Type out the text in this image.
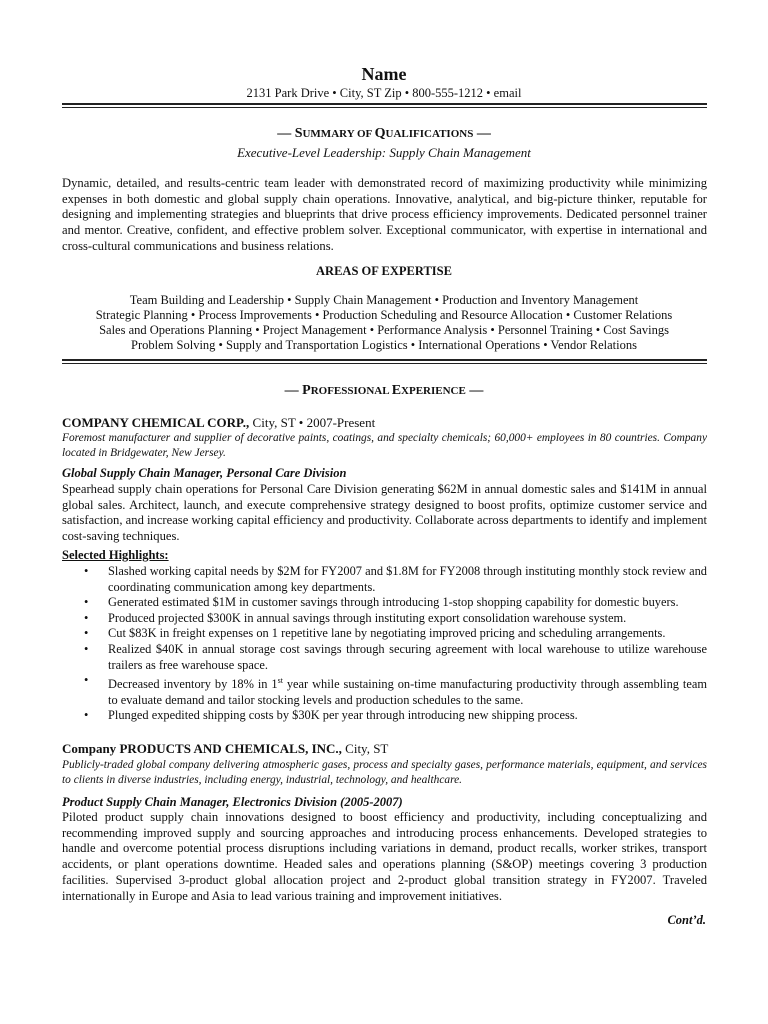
Name
2131 Park Drive • City, ST Zip • 800-555-1212 • email
— SUMMARY OF QUALIFICATIONS —
Executive-Level Leadership: Supply Chain Management
Dynamic, detailed, and results-centric team leader with demonstrated record of maximizing productivity while minimizing expenses in both domestic and global supply chain operations. Innovative, analytical, and big-picture thinker, reputable for designing and implementing strategies and blueprints that drive process efficiency improvements. Dedicated personnel trainer and mentor. Creative, confident, and effective problem solver. Exceptional communicator, with expertise in international and cross-cultural communications and business relations.
AREAS OF EXPERTISE
Team Building and Leadership • Supply Chain Management • Production and Inventory Management
Strategic Planning • Process Improvements • Production Scheduling and Resource Allocation • Customer Relations
Sales and Operations Planning • Project Management • Performance Analysis • Personnel Training • Cost Savings
Problem Solving • Supply and Transportation Logistics • International Operations • Vendor Relations
— PROFESSIONAL EXPERIENCE —
COMPANY CHEMICAL CORP., City, ST • 2007-Present
Foremost manufacturer and supplier of decorative paints, coatings, and specialty chemicals; 60,000+ employees in 80 countries. Company located in Bridgewater, New Jersey.
Global Supply Chain Manager, Personal Care Division
Spearhead supply chain operations for Personal Care Division generating $62M in annual domestic sales and $141M in annual global sales. Architect, launch, and execute comprehensive strategy designed to boost profits, optimize customer service and satisfaction, and increase working capital efficiency and productivity. Collaborate across departments to identify and implement cost-saving techniques.
Selected Highlights:
• Slashed working capital needs by $2M for FY2007 and $1.8M for FY2008 through instituting monthly stock review and coordinating communication among key departments.
• Generated estimated $1M in customer savings through introducing 1-stop shopping capability for domestic buyers.
• Produced projected $300K in annual savings through instituting export consolidation warehouse system.
• Cut $83K in freight expenses on 1 repetitive lane by negotiating improved pricing and scheduling arrangements.
• Realized $40K in annual storage cost savings through securing agreement with local warehouse to utilize warehouse trailers as free warehouse space.
• Decreased inventory by 18% in 1st year while sustaining on-time manufacturing productivity through assembling team to evaluate demand and tailor stocking levels and production schedules to the same.
• Plunged expedited shipping costs by $30K per year through introducing new shipping process.
Company PRODUCTS AND CHEMICALS, INC., City, ST
Publicly-traded global company delivering atmospheric gases, process and specialty gases, performance materials, equipment, and services to clients in diverse industries, including energy, industrial, technology, and healthcare.
Product Supply Chain Manager, Electronics Division (2005-2007)
Piloted product supply chain innovations designed to boost efficiency and productivity, including conceptualizing and recommending improved supply and sourcing approaches and introducing process enhancements. Developed strategies to handle and overcome potential process disruptions including variations in demand, product recalls, worker strikes, transport accidents, or plant operations downtime. Headed sales and operations planning (S&OP) meetings covering 3 production facilities. Supervised 3-product global allocation project and 2-product global transition strategy in FY2007. Traveled internationally in Europe and Asia to lead various training and improvement initiatives.
Cont’d.
